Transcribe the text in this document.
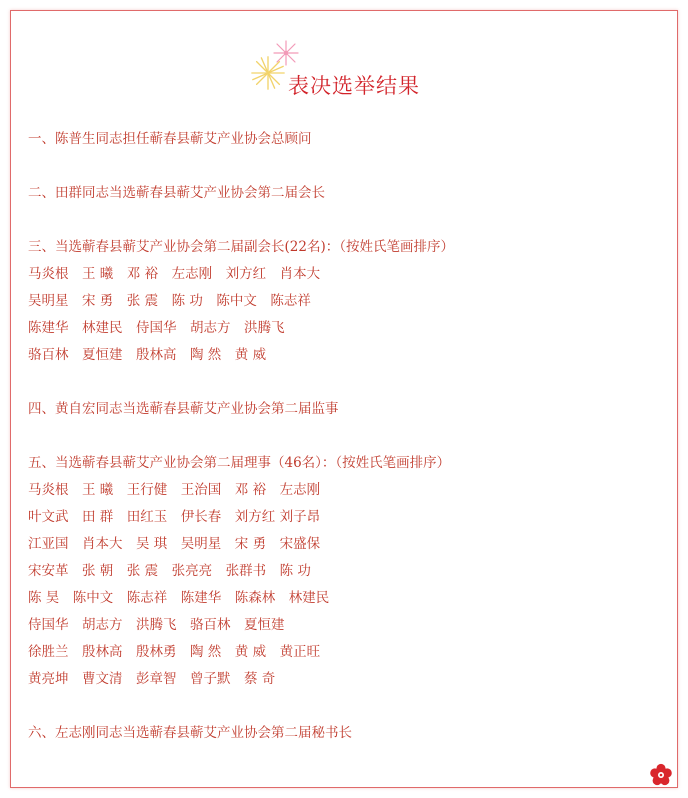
表决选举结果

一、陈普生同志担任蕲春县蕲艾产业协会总顾问

二、田群同志当选蕲春县蕲艾产业协会第二届会长

三、当选蕲春县蕲艾产业协会第二届副会长(22名)：（按姓氏笔画排序）

马炎根　王 曦　邓 裕　左志刚　刘方红　肖本大

吴明星　宋 勇　张 震　陈 功　陈中文　陈志祥

陈建华　林建民　侍国华　胡志方　洪腾飞

骆百林　夏恒建　殷林高　陶 然　黄 威

四、黄自宏同志当选蕲春县蕲艾产业协会第二届监事

五、当选蕲春县蕲艾产业协会第二届理事（46名）：（按姓氏笔画排序）

马炎根　王 曦　王行健　王治国　邓 裕　左志刚

叶文武　田 群　田红玉　伊长春　刘方红 刘子昂

江亚国　肖本大　吴 琪　吴明星　宋 勇　宋盛保

宋安革　张 朝　张 震　张亮亮　张群书　陈 功

陈 昊　陈中文　陈志祥　陈建华　陈森林　林建民

侍国华　胡志方　洪腾飞　骆百林　夏恒建

徐胜兰　殷林高　殷林勇　陶 然　黄 威　黄正旺

黄亮坤　曹文清　彭章智　曾子默　蔡 奇

六、左志刚同志当选蕲春县蕲艾产业协会第二届秘书长
